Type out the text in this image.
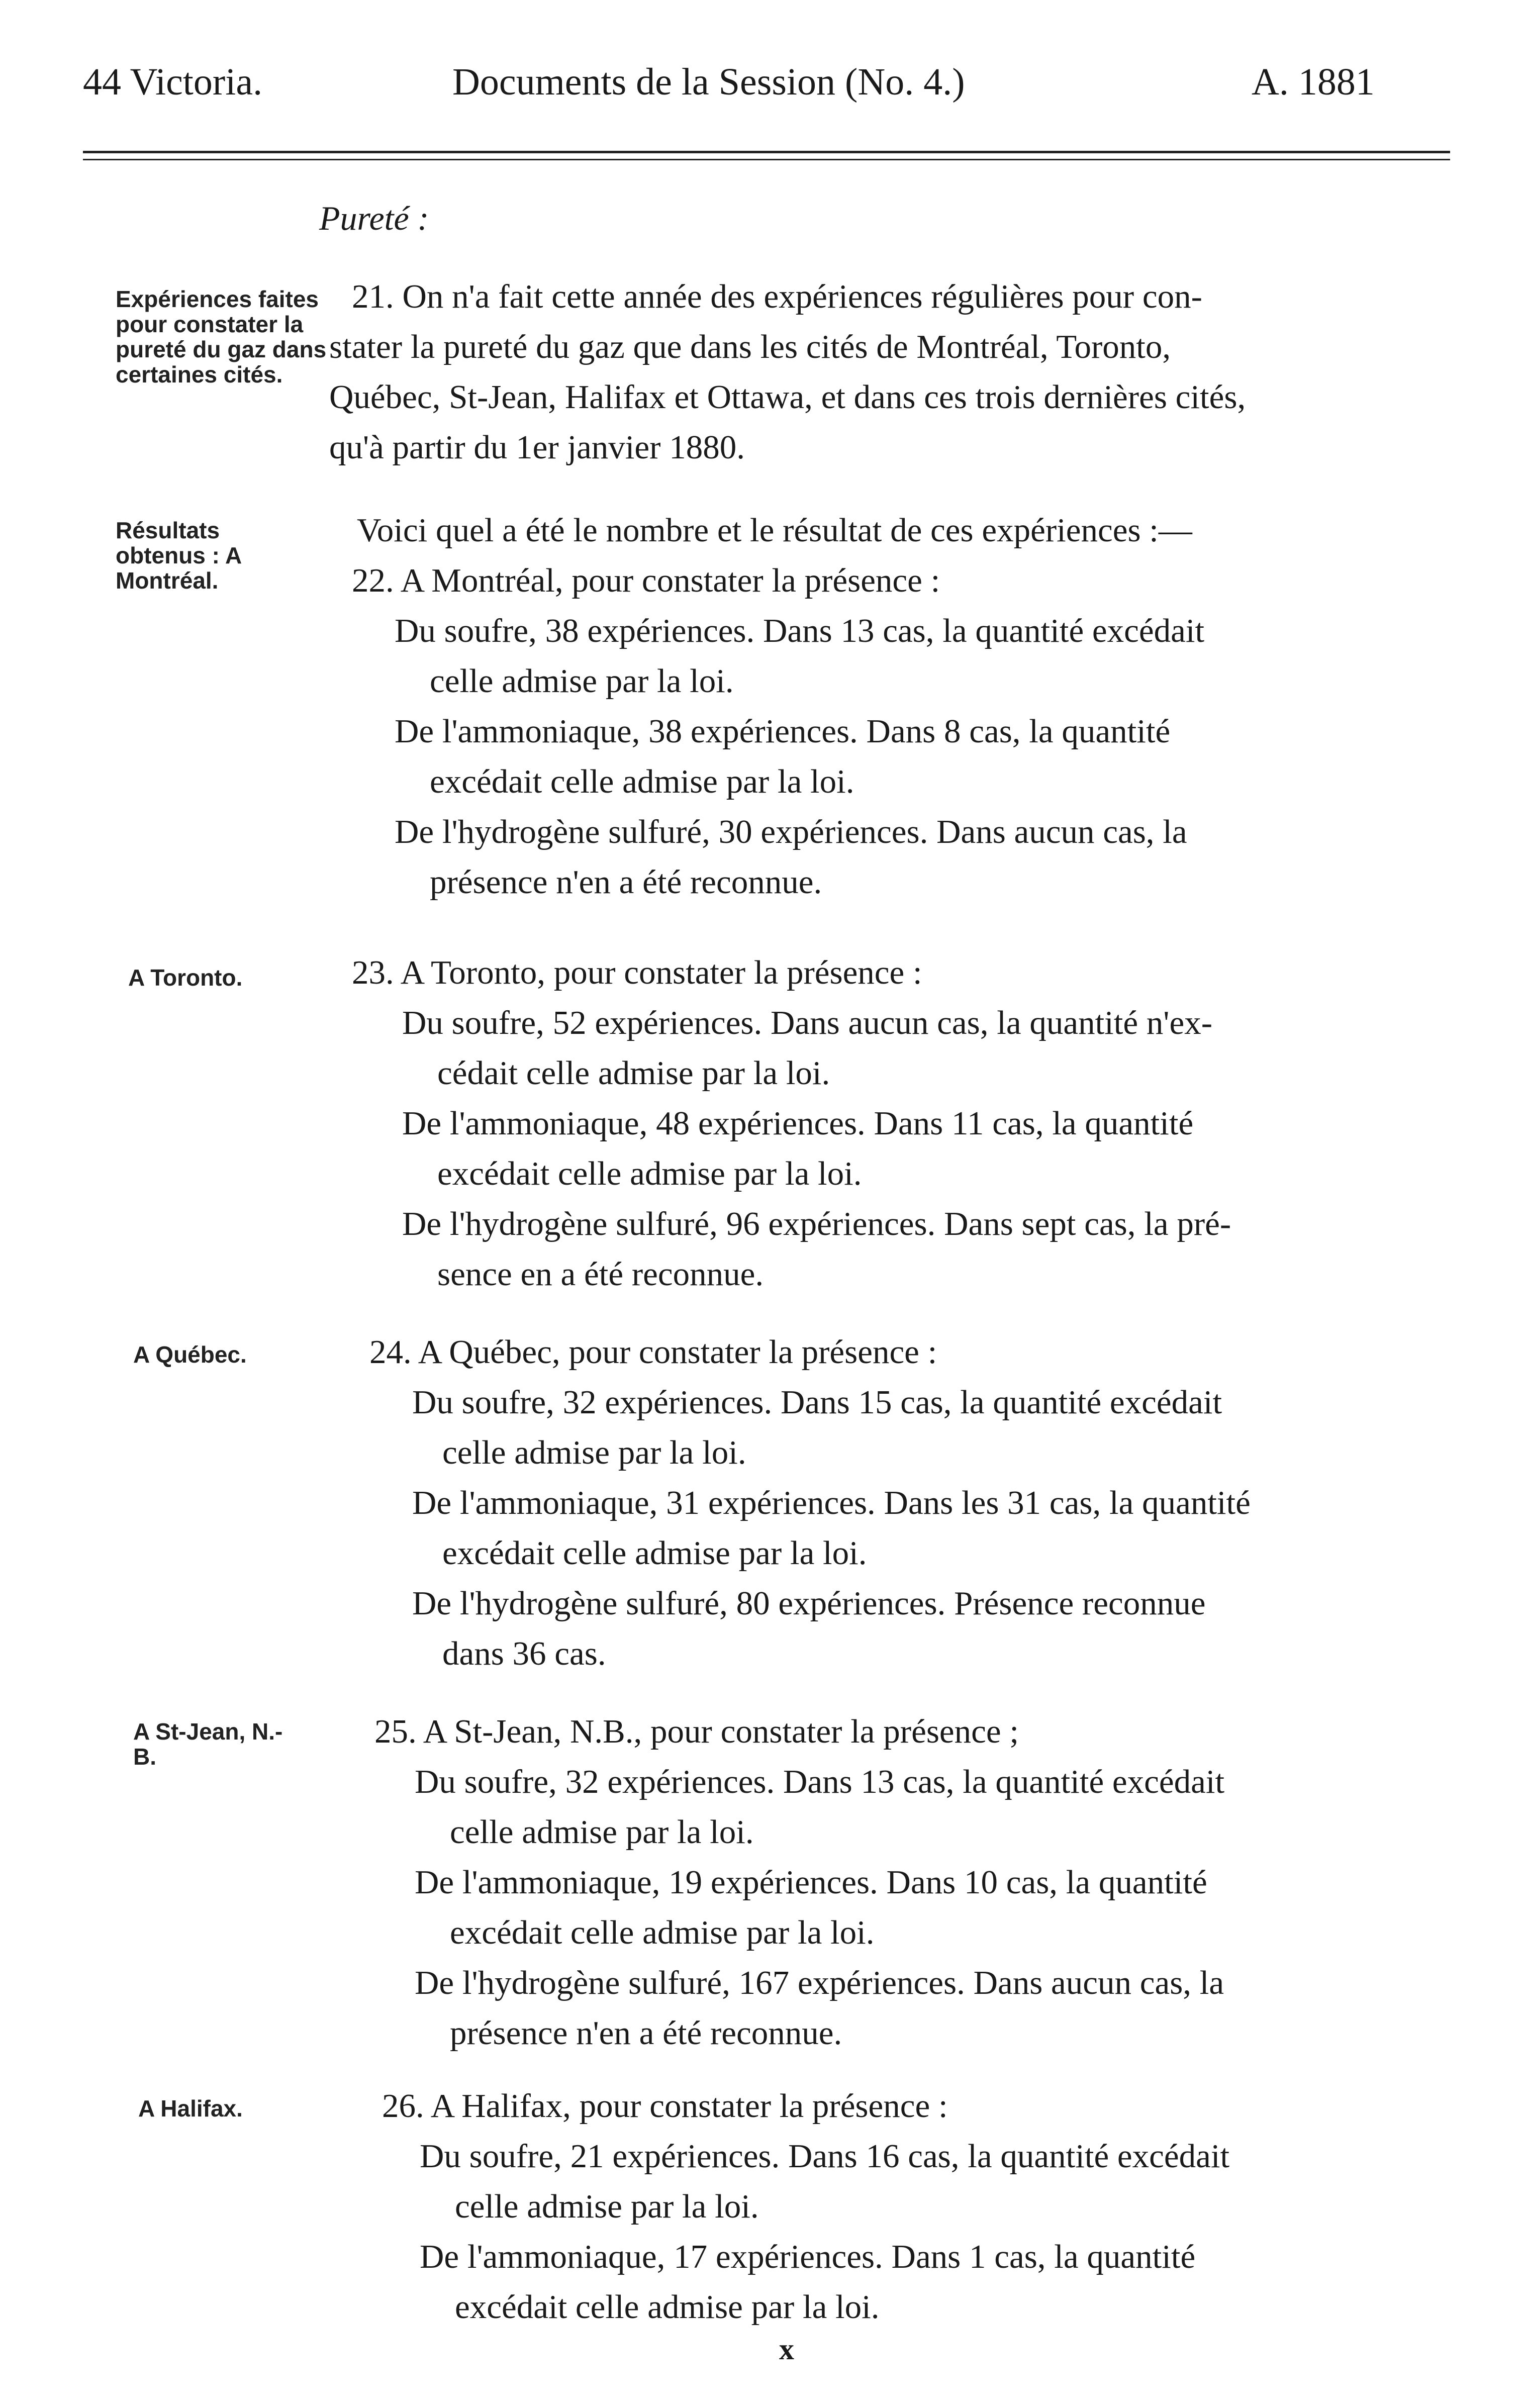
44 Victoria.	Documents de la Session (No. 4.)	A. 1881
Pureté :
Expériences faites pour constater la pureté du gaz dans certaines cités.
Résultats obtenus : A Montréal.
A Toronto.
A Québec.
A St-Jean, N.-B.
A Halifax.
21. On n'a fait cette année des expériences régulières pour con-
stater la pureté du gaz que dans les cités de Montréal, Toronto,
Québec, St-Jean, Halifax et Ottawa, et dans ces trois dernières cités,
qu'à partir du 1er janvier 1880.
Voici quel a été le nombre et le résultat de ces expériences :—
22. A Montréal, pour constater la présence :
Du soufre, 38 expériences. Dans 13 cas, la quantité excédait
celle admise par la loi.
De l'ammoniaque, 38 expériences. Dans 8 cas, la quantité
excédait celle admise par la loi.
De l'hydrogène sulfuré, 30 expériences. Dans aucun cas, la
présence n'en a été reconnue.
23. A Toronto, pour constater la présence :
Du soufre, 52 expériences. Dans aucun cas, la quantité n'ex-
cédait celle admise par la loi.
De l'ammoniaque, 48 expériences. Dans 11 cas, la quantité
excédait celle admise par la loi.
De l'hydrogène sulfuré, 96 expériences. Dans sept cas, la pré-
sence en a été reconnue.
24. A Québec, pour constater la présence :
Du soufre, 32 expériences. Dans 15 cas, la quantité excédait
celle admise par la loi.
De l'ammoniaque, 31 expériences. Dans les 31 cas, la quantité
excédait celle admise par la loi.
De l'hydrogène sulfuré, 80 expériences. Présence reconnue
dans 36 cas.
25. A St-Jean, N.B., pour constater la présence ;
Du soufre, 32 expériences. Dans 13 cas, la quantité excédait
celle admise par la loi.
De l'ammoniaque, 19 expériences. Dans 10 cas, la quantité
excédait celle admise par la loi.
De l'hydrogène sulfuré, 167 expériences. Dans aucun cas, la
présence n'en a été reconnue.
26. A Halifax, pour constater la présence :
Du soufre, 21 expériences. Dans 16 cas, la quantité excédait
celle admise par la loi.
De l'ammoniaque, 17 expériences. Dans 1 cas, la quantité
excédait celle admise par la loi.
x
